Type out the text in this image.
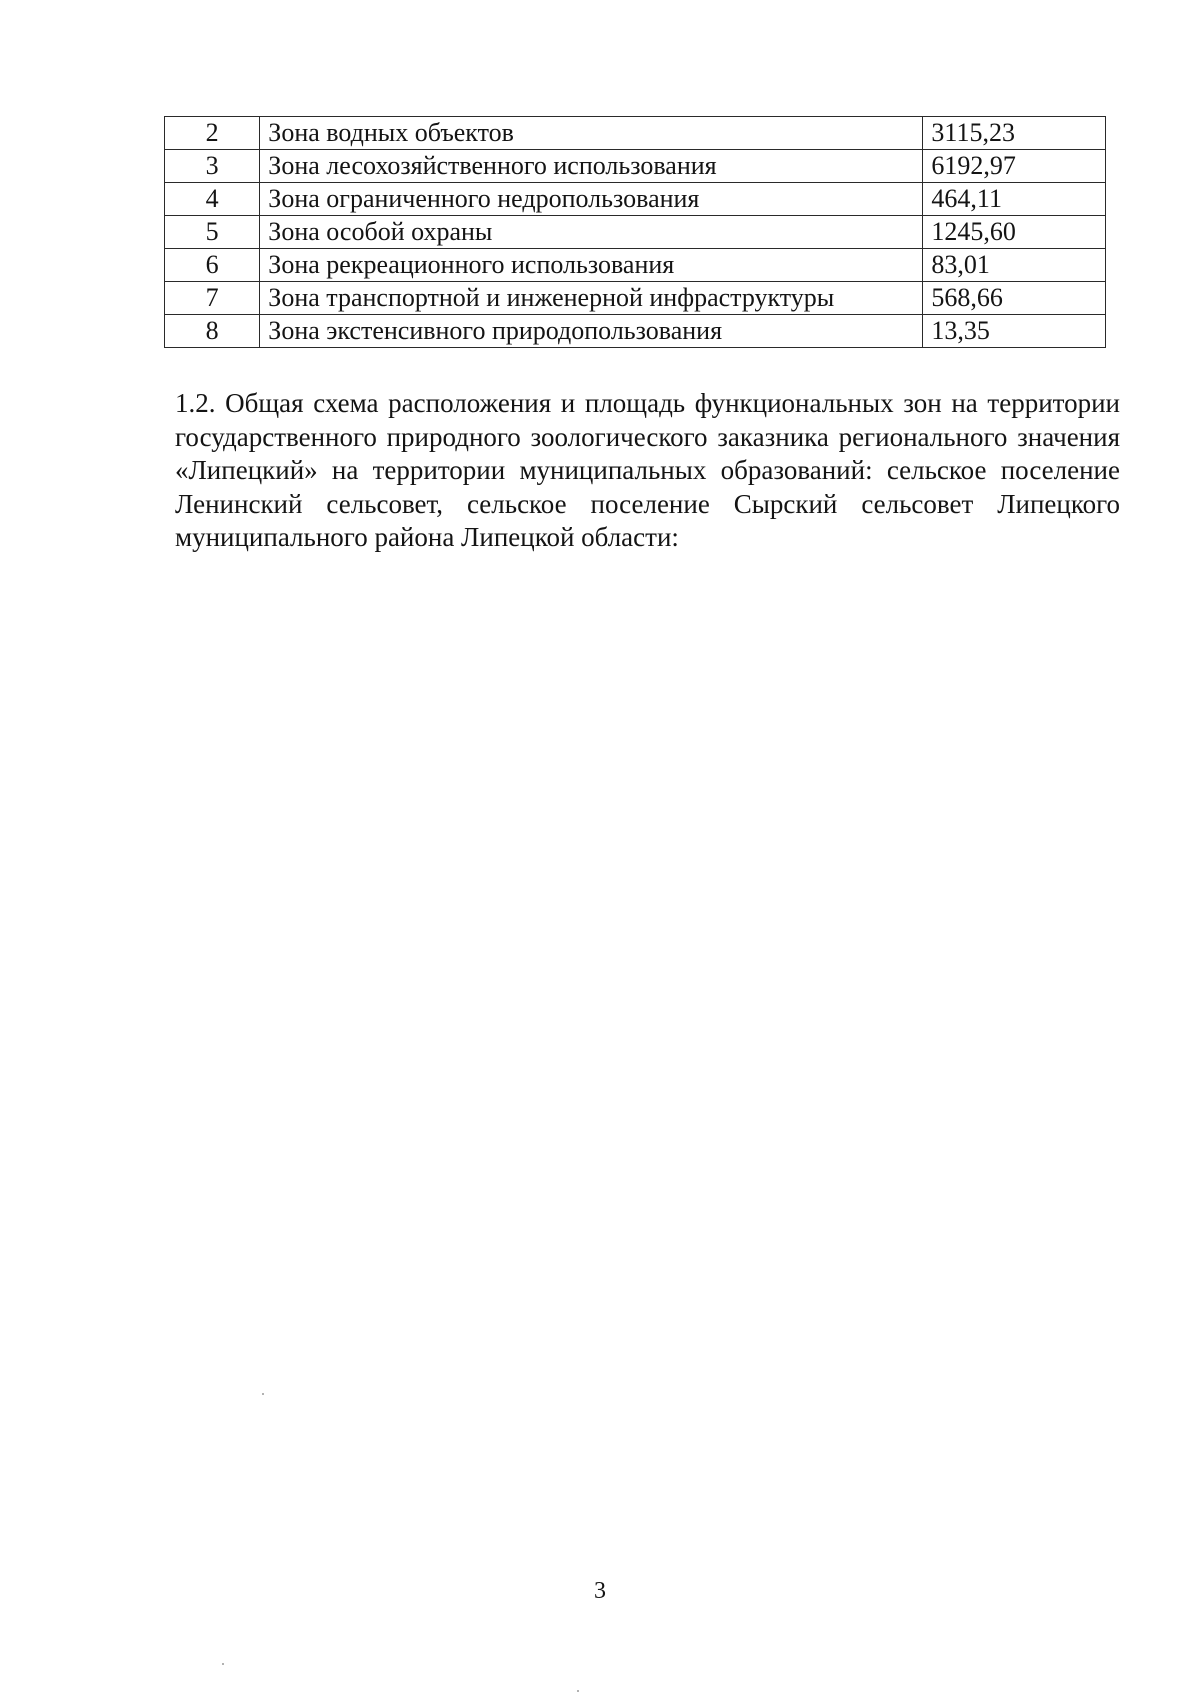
2	Зона водных объектов	3115,23
3	Зона лесохозяйственного использования	6192,97
4	Зона ограниченного недропользования	464,11
5	Зона особой охраны	1245,60
6	Зона рекреационного использования	83,01
7	Зона транспортной и инженерной инфраструктуры	568,66
8	Зона экстенсивного природопользования	13,35

1.2. Общая схема расположения и площадь функциональных зон на территории государственного природного зоологического заказника регионального значения «Липецкий» на территории муниципальных образований: сельское поселение Ленинский сельсовет, сельское поселение Сырский сельсовет Липецкого муниципального района Липецкой области:

3
